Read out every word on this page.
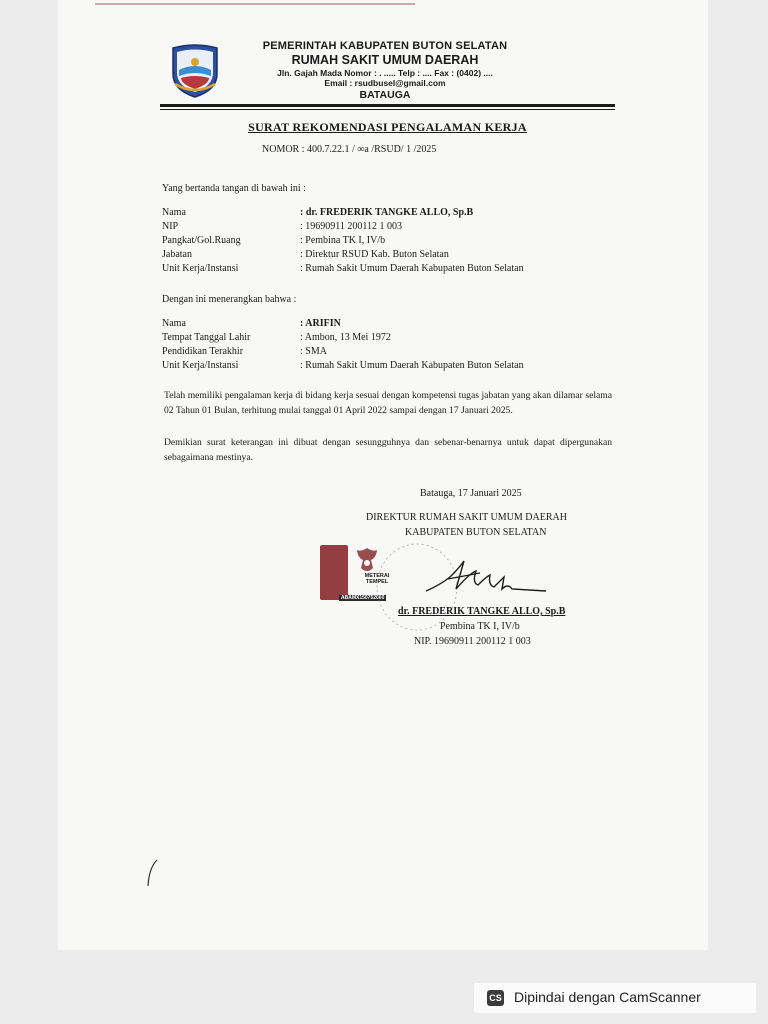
PEMERINTAH KABUPATEN BUTON SELATAN
RUMAH SAKIT UMUM DAERAH
Jln. Gajah Mada Nomor : . ..... Telp : .... Fax : (0402) ....
Email : rsudbusel@gmail.com
BATAUGA
SURAT REKOMENDASI PENGALAMAN KERJA
NOMOR : 400.7.22.1 / ∞a /RSUD/ 1 /2025
Yang bertanda tangan di bawah ini :
Nama	: dr. FREDERIK TANGKE ALLO, Sp.B
NIP	: 19690911 200112 1 003
Pangkat/Gol.Ruang	: Pembina TK I, IV/b
Jabatan	: Direktur RSUD Kab. Buton Selatan
Unit Kerja/Instansi	: Rumah Sakit Umum Daerah Kabupaten Buton Selatan
Dengan ini menerangkan bahwa :
Nama	: ARIFIN
Tempat Tanggal Lahir	: Ambon, 13 Mei 1972
Pendidikan Terakhir	: SMA
Unit Kerja/Instansi	: Rumah Sakit Umum Daerah Kabupaten Buton Selatan
Telah memiliki pengalaman kerja di bidang kerja sesuai dengan kompetensi tugas jabatan yang akan dilamar selama 02 Tahun 01 Bulan, terhitung mulai tanggal 01 April 2022 sampai dengan 17 Januari 2025.
Demikian surat keterangan ini dibuat dengan sesungguhnya dan sebenar-benarnya untuk dapat dipergunakan sebagaimana mestinya.
Batauga, 17 Januari 2025
DIREKTUR RUMAH SAKIT UMUM DAERAH
KABUPATEN BUTON SELATAN
METERAI TEMPEL
ABAMX150752060
dr. FREDERIK TANGKE ALLO, Sp.B
Pembina TK I, IV/b
NIP. 19690911 200112 1 003
CS Dipindai dengan CamScanner
